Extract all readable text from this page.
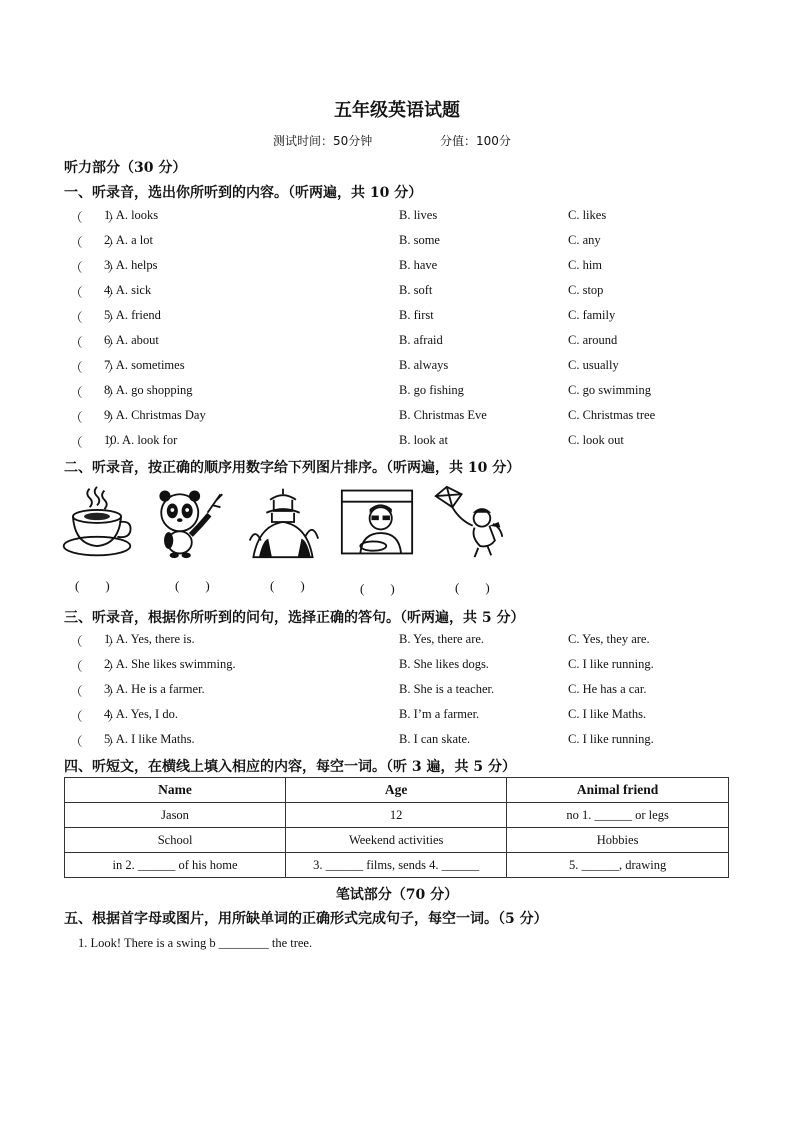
五年级英语试题
测试时间：50分钟	分值：100分
听力部分（30 分）
一、听录音，选出你所听到的内容。（听两遍，共 10 分）
（　　）
1. A. looks	B. lives	C. likes
（　　）
2. A. a lot	B. some	C. any
（　　）
3. A. helps	B. have	C. him
（　　）
4. A. sick	B. soft	C. stop
（　　）
5. A. friend	B. first	C. family
（　　）
6. A. about	B. afraid	C. around
（　　）
7. A. sometimes	B. always	C. usually
（　　）
8. A. go shopping	B. go fishing	C. go swimming
（　　）
9. A. Christmas Day	B. Christmas Eve	C. Christmas tree
（　　）
10. A. look for	B. look at	C. look out
二、听录音，按正确的顺序用数字给下列图片排序。（听两遍，共 10 分）
(　　)	(　　)	(　　)	(　　)	(　　)
三、听录音，根据你所听到的问句，选择正确的答句。（听两遍，共 5 分）
（　　）
1. A. Yes, there is.	B. Yes, there are.	C. Yes, they are.
（　　）
2. A. She likes swimming.	B. She likes dogs.	C. I like running.
（　　）
3. A. He is a farmer.	B. She is a teacher.	C. He has a car.
（　　）
4. A. Yes, I do.	B. I’m a farmer.	C. I like Maths.
（　　）
5. A. I like Maths.	B. I can skate.	C. I like running.
四、听短文，在横线上填入相应的内容，每空一词。（听 3 遍，共 5 分）
Name	Age	Animal friend
Jason	12	no 1. ______ or legs
School	Weekend activities	Hobbies
in 2. ______ of his home	3. ______ films, sends 4. ______	5. ______, drawing
笔试部分（70 分）
五、根据首字母或图片，用所缺单词的正确形式完成句子，每空一词。（5 分）
1. Look! There is a swing b ________ the tree.
